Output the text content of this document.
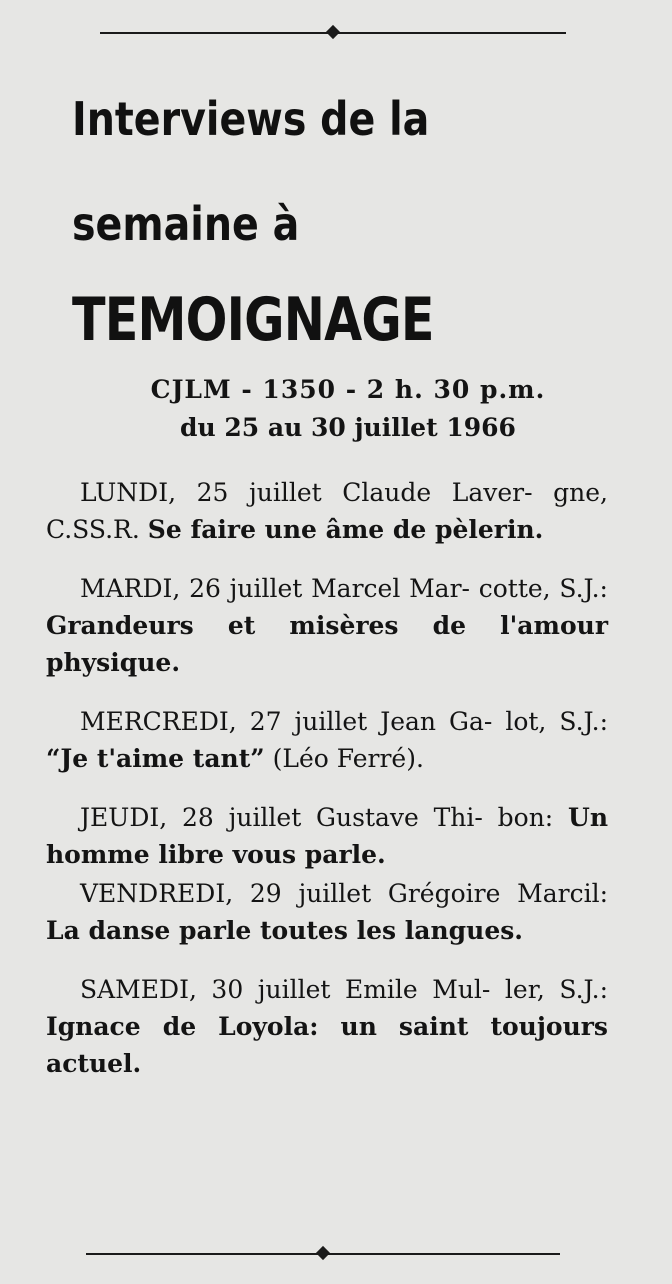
Interviews de la

semaine à

TEMOIGNAGE

CJLM - 1350 - 2 h. 30 p.m.

du 25 au 30 juillet 1966

LUNDI, 25 juillet Claude Laver- gne, C.SS.R. Se faire une âme de pèlerin.

MARDI, 26 juillet Marcel Mar- cotte, S.J.: Grandeurs et misères de l'amour physique.

MERCREDI, 27 juillet Jean Ga- lot, S.J.: “Je t'aime tant” (Léo Ferré).

JEUDI, 28 juillet Gustave Thi- bon: Un homme libre vous parle.

VENDREDI, 29 juillet Grégoire Marcil: La danse parle toutes les langues.

SAMEDI, 30 juillet Emile Mul- ler, S.J.: Ignace de Loyola: un saint toujours actuel.
